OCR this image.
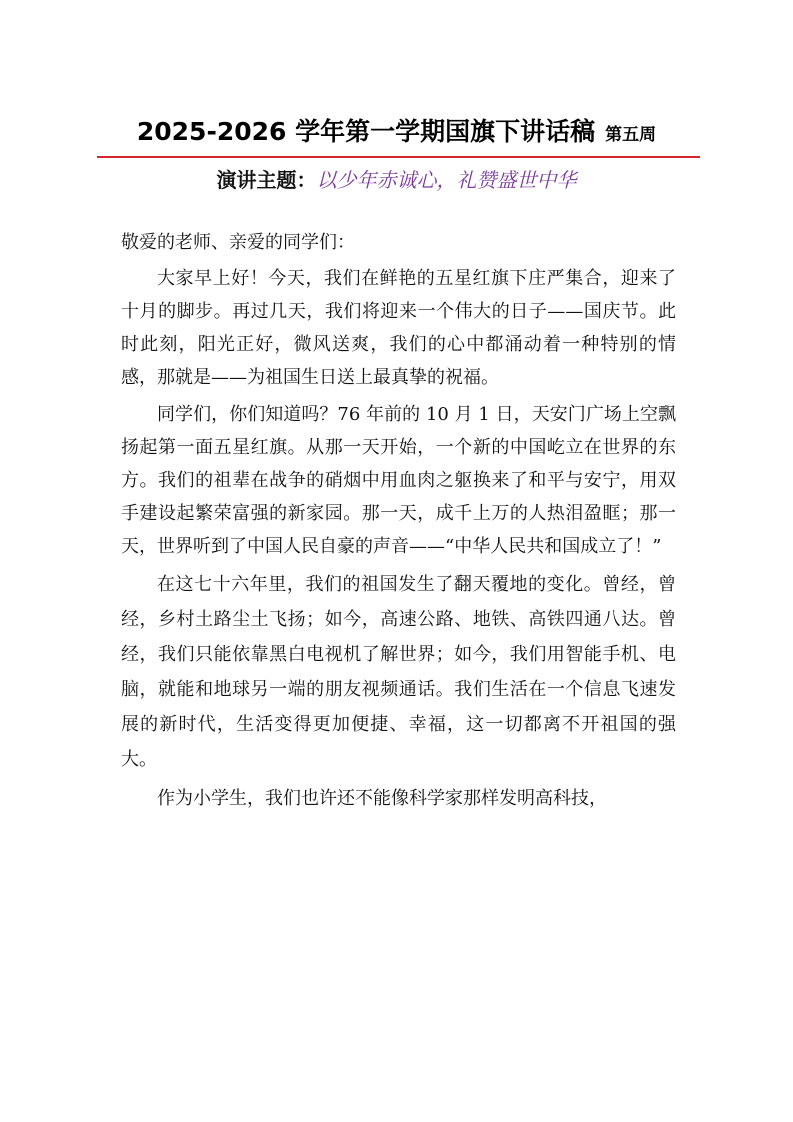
2025-2026 学年第一学期国旗下讲话稿 第五周
演讲主题：以少年赤诚心，礼赞盛世中华

敬爱的老师、亲爱的同学们：

大家早上好！今天，我们在鲜艳的五星红旗下庄严集合，迎来了十月的脚步。再过几天，我们将迎来一个伟大的日子——国庆节。此时此刻，阳光正好，微风送爽，我们的心中都涌动着一种特别的情感，那就是——为祖国生日送上最真挚的祝福。

同学们，你们知道吗？76 年前的 10 月 1 日，天安门广场上空飘扬起第一面五星红旗。从那一天开始，一个新的中国屹立在世界的东方。我们的祖辈在战争的硝烟中用血肉之躯换来了和平与安宁，用双手建设起繁荣富强的新家园。那一天，成千上万的人热泪盈眶；那一天，世界听到了中国人民自豪的声音——“中华人民共和国成立了！”

在这七十六年里，我们的祖国发生了翻天覆地的变化。曾经，曾经，乡村土路尘土飞扬；如今，高速公路、地铁、高铁四通八达。曾经，我们只能依靠黑白电视机了解世界；如今，我们用智能手机、电脑，就能和地球另一端的朋友视频通话。我们生活在一个信息飞速发展的新时代，生活变得更加便捷、幸福，这一切都离不开祖国的强大。

作为小学生，我们也许还不能像科学家那样发明高科技，
